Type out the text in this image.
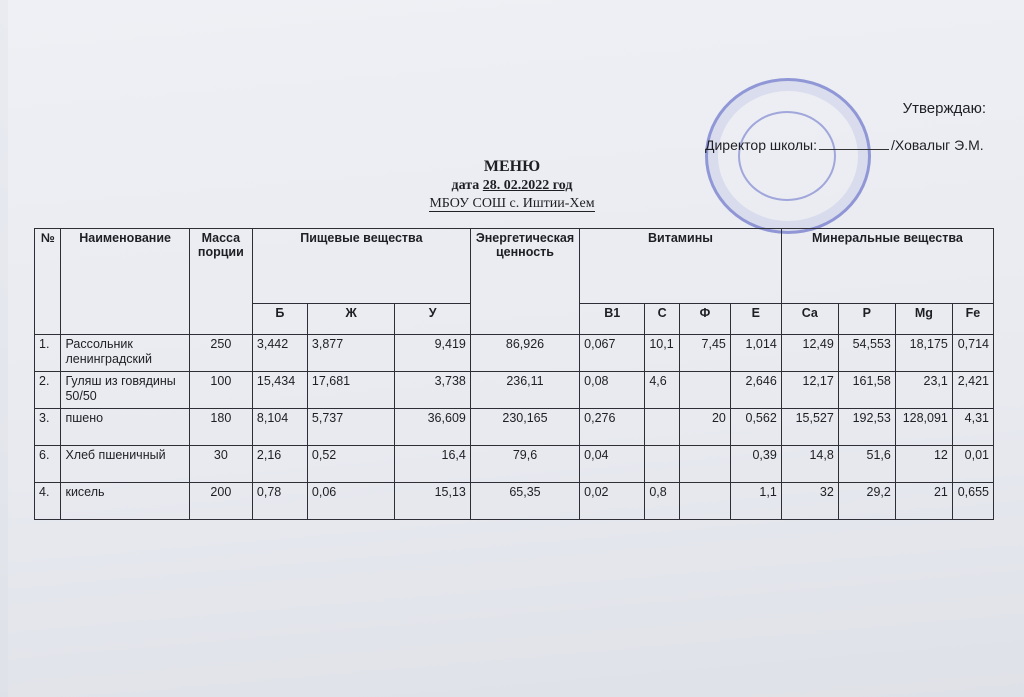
Утверждаю:
Директор школы:	/Ховалыг Э.М.
МЕНЮ
дата 28. 02.2022 год
МБОУ СОШ с. Иштии-Хем
№	Наименование	Масса порции	Пищевые вещества			Энергетическая ценность	Витамины				Минеральные вещества			
			Б	Ж	У		B1	C	Ф	E	Ca	P	Mg	Fe
1.	Рассольник ленинградский	250	3,442	3,877	9,419	86,926	0,067	10,1	7,45	1,014	12,49	54,553	18,175	0,714
2.	Гуляш из говядины 50/50	100	15,434	17,681	3,738	236,11	0,08	4,6		2,646	12,17	161,58	23,1	2,421
3.	пшено	180	8,104	5,737	36,609	230,165	0,276		20	0,562	15,527	192,53	128,091	4,31
6.	Хлеб пшеничный	30	2,16	0,52	16,4	79,6	0,04			0,39	14,8	51,6	12	0,01
4.	кисель	200	0,78	0,06	15,13	65,35	0,02	0,8		1,1	32	29,2	21	0,655
